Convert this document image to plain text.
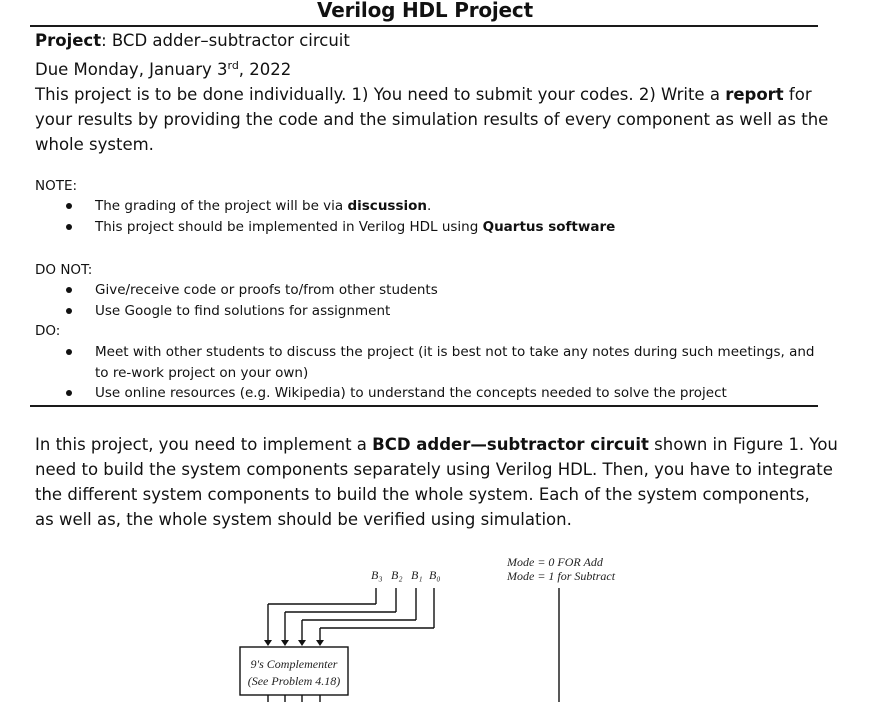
Verilog HDL Project
Project: BCD adder–subtractor circuit
Due Monday, January 3rd, 2022
This project is to be done individually. 1) You need to submit your codes. 2) Write a report for
your results by providing the code and the simulation results of every component as well as the
whole system.
NOTE:
The grading of the project will be via discussion.
This project should be implemented in Verilog HDL using Quartus software
DO NOT:
Give/receive code or proofs to/from other students
Use Google to find solutions for assignment
DO:
Meet with other students to discuss the project (it is best not to take any notes during such meetings, and
to re-work project on your own)
Use online resources (e.g. Wikipedia) to understand the concepts needed to solve the project
In this project, you need to implement a BCD adder—subtractor circuit shown in Figure 1. You
need to build the system components separately using Verilog HDL. Then, you have to integrate
the different system components to build the whole system. Each of the system components,
as well as, the whole system should be verified using simulation.
Mode = 0 FOR Add
Mode = 1 for Subtract
B₃ B₂ B₁ B₀
9's Complementer
(See Problem 4.18)
